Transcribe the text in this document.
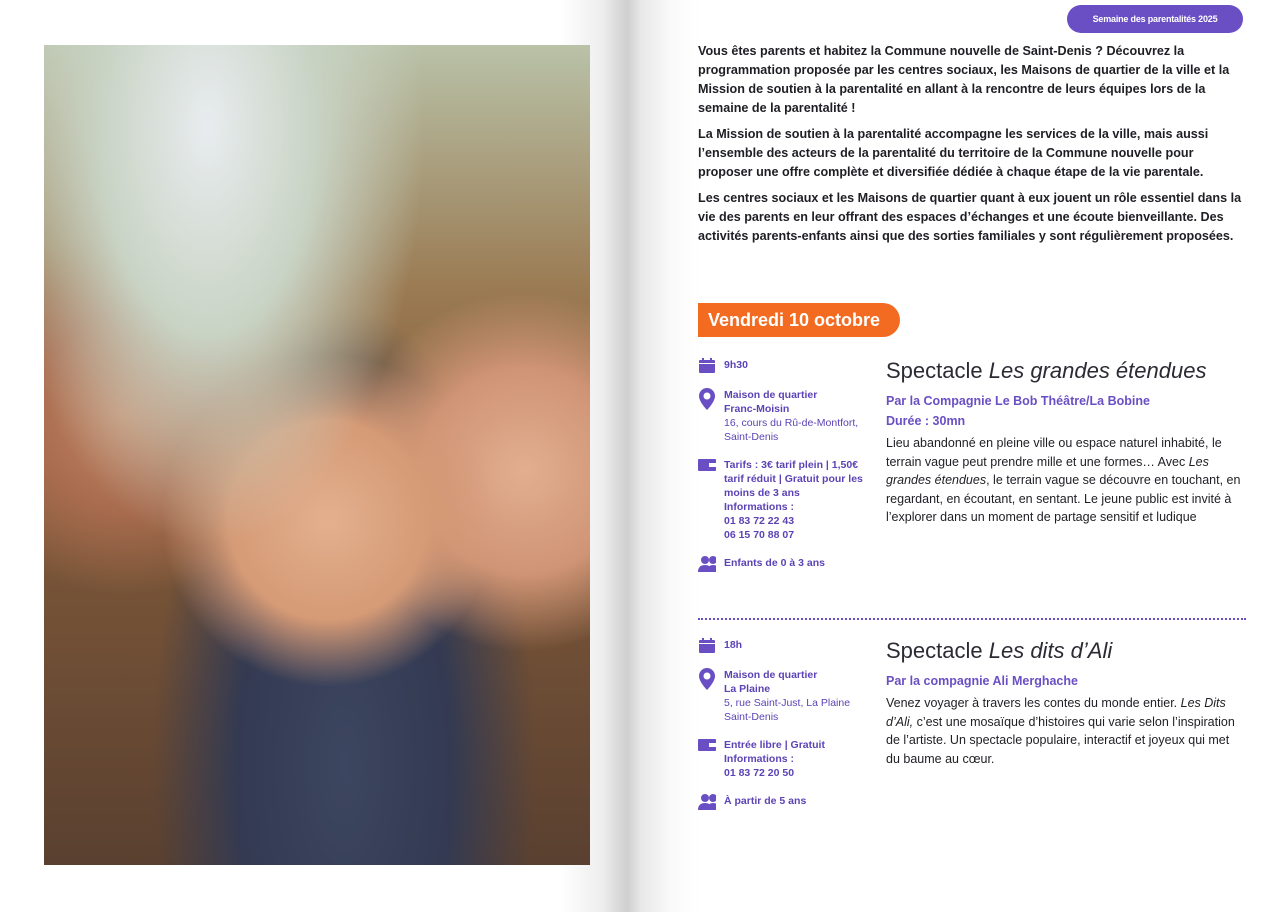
Semaine des parentalités 2025

Vous êtes parents et habitez la Commune nouvelle de Saint-Denis ? Découvrez la programmation proposée par les centres sociaux, les Maisons de quartier de la ville et la Mission de soutien à la parentalité en allant à la rencontre de leurs équipes lors de la semaine de la parentalité !

La Mission de soutien à la parentalité accompagne les services de la ville, mais aussi l’ensemble des acteurs de la parentalité du territoire de la Commune nouvelle pour proposer une offre complète et diversifiée dédiée à chaque étape de la vie parentale.

Les centres sociaux et les Maisons de quartier quant à eux jouent un rôle essentiel dans la vie des parents en leur offrant des espaces d’échanges et une écoute bienveillante. Des activités parents-enfants ainsi que des sorties familiales y sont régulièrement proposées.

Vendredi 10 octobre
9h30
Maison de quartier
Franc-Moisin
16, cours du Rû-de-Montfort, Saint-Denis
Tarifs : 3€ tarif plein | 1,50€ tarif réduit | Gratuit pour les moins de 3 ans
Informations :
01 83 72 22 43
06 15 70 88 07
Enfants de 0 à 3 ans
Spectacle Les grandes étendues
Par la Compagnie Le Bob Théâtre/La Bobine
Durée : 30mn
Lieu abandonné en pleine ville ou espace naturel inhabité, le terrain vague peut prendre mille et une formes… Avec Les grandes étendues, le terrain vague se découvre en touchant, en regardant, en écoutant, en sentant. Le jeune public est invité à l’explorer dans un moment de partage sensitif et ludique
18h
Maison de quartier
La Plaine
5, rue Saint-Just, La Plaine Saint-Denis
Entrée libre | Gratuit
Informations :
01 83 72 20 50
À partir de 5 ans
Spectacle Les dits d’Ali
Par la compagnie Ali Merghache
Venez voyager à travers les contes du monde entier. Les Dits d’Ali, c’est une mosaïque d’histoires qui varie selon l’inspiration de l’artiste. Un spectacle populaire, interactif et joyeux qui met du baume au cœur.
